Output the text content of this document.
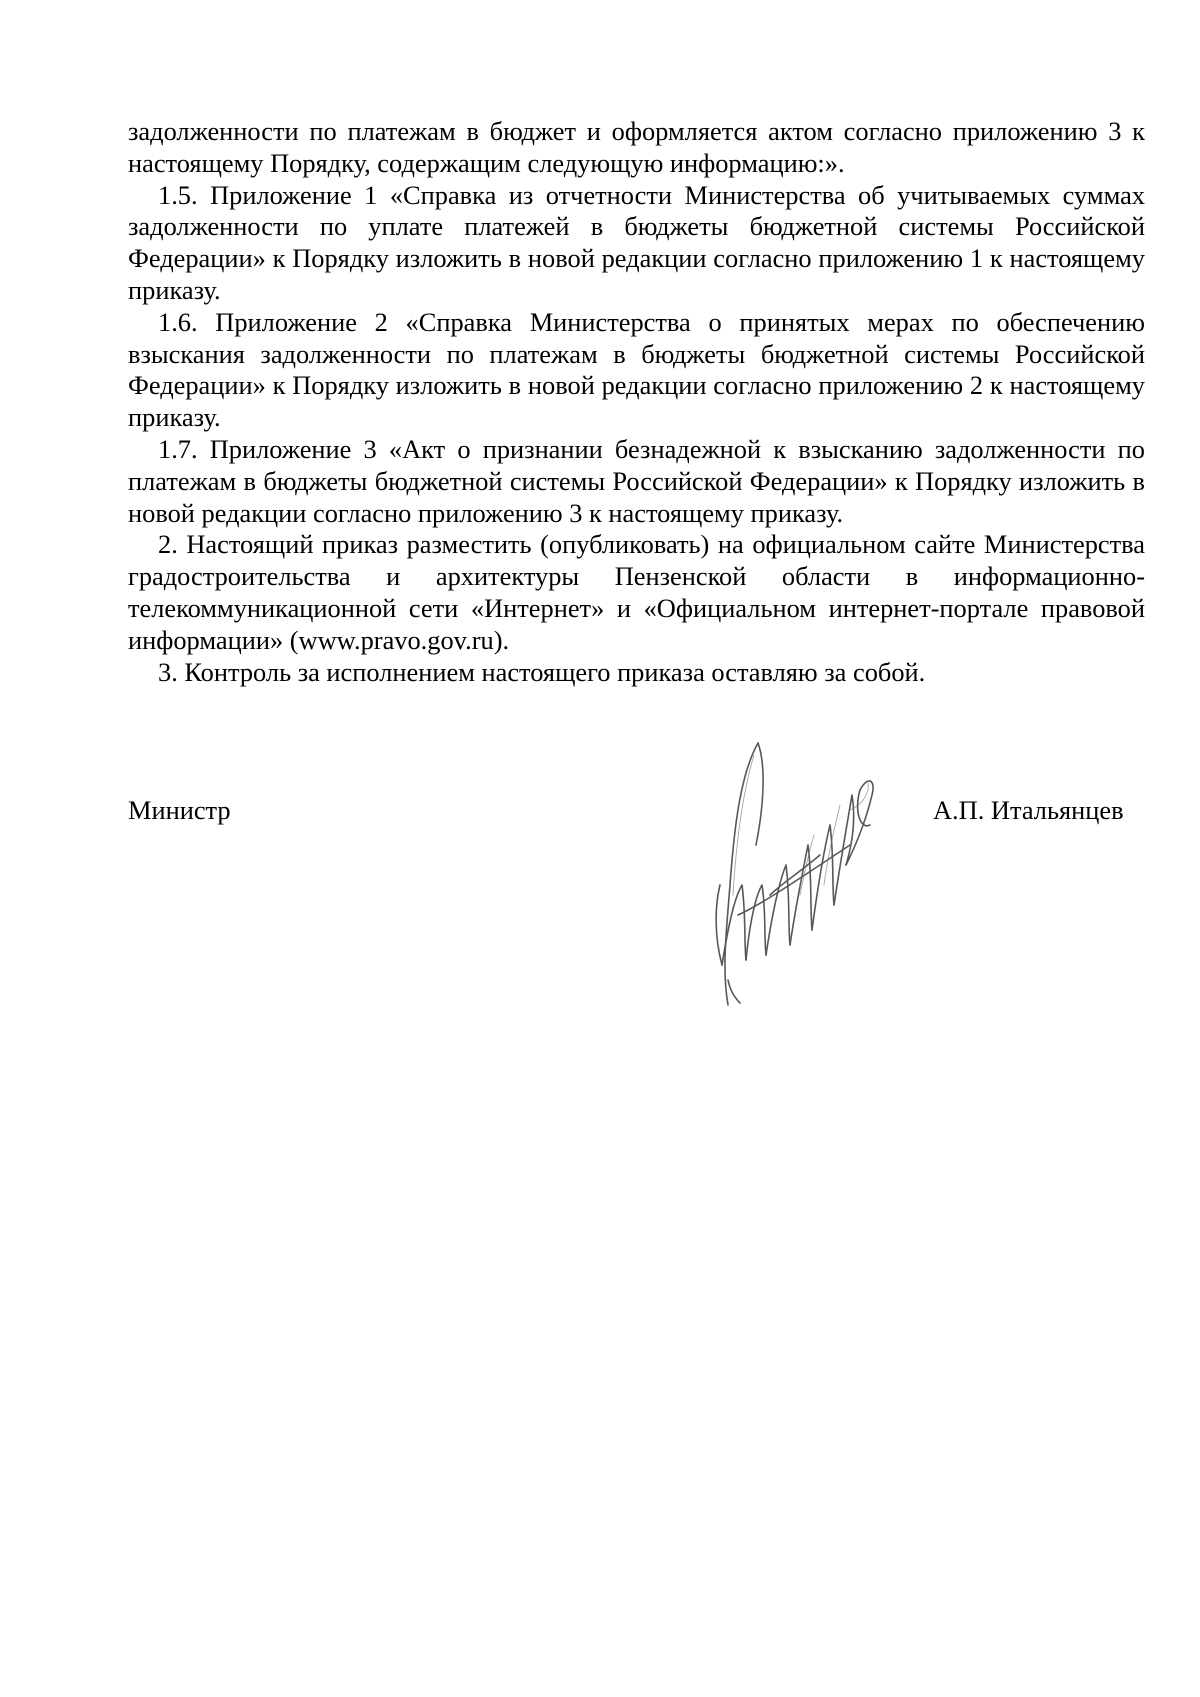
задолженности по платежам в бюджет и оформляется актом согласно приложению 3 к настоящему Порядку, содержащим следующую информацию:».

1.5. Приложение 1 «Справка из отчетности Министерства об учитываемых суммах задолженности по уплате платежей в бюджеты бюджетной системы Российской Федерации» к Порядку изложить в новой редакции согласно приложению 1 к настоящему приказу.

1.6. Приложение 2 «Справка Министерства о принятых мерах по обеспечению взыскания задолженности по платежам в бюджеты бюджетной системы Российской Федерации» к Порядку изложить в новой редакции согласно приложению 2 к настоящему приказу.

1.7. Приложение 3 «Акт о признании безнадежной к взысканию задолженности по платежам в бюджеты бюджетной системы Российской Федерации» к Порядку изложить в новой редакции согласно приложению 3 к настоящему приказу.

2. Настоящий приказ разместить (опубликовать) на официальном сайте Министерства градостроительства и архитектуры Пензенской области в информационно-телекоммуникационной сети «Интернет» и «Официальном интернет-портале правовой информации» (www.pravo.gov.ru).

3. Контроль за исполнением настоящего приказа оставляю за собой.

Министр	А.П. Итальянцев
